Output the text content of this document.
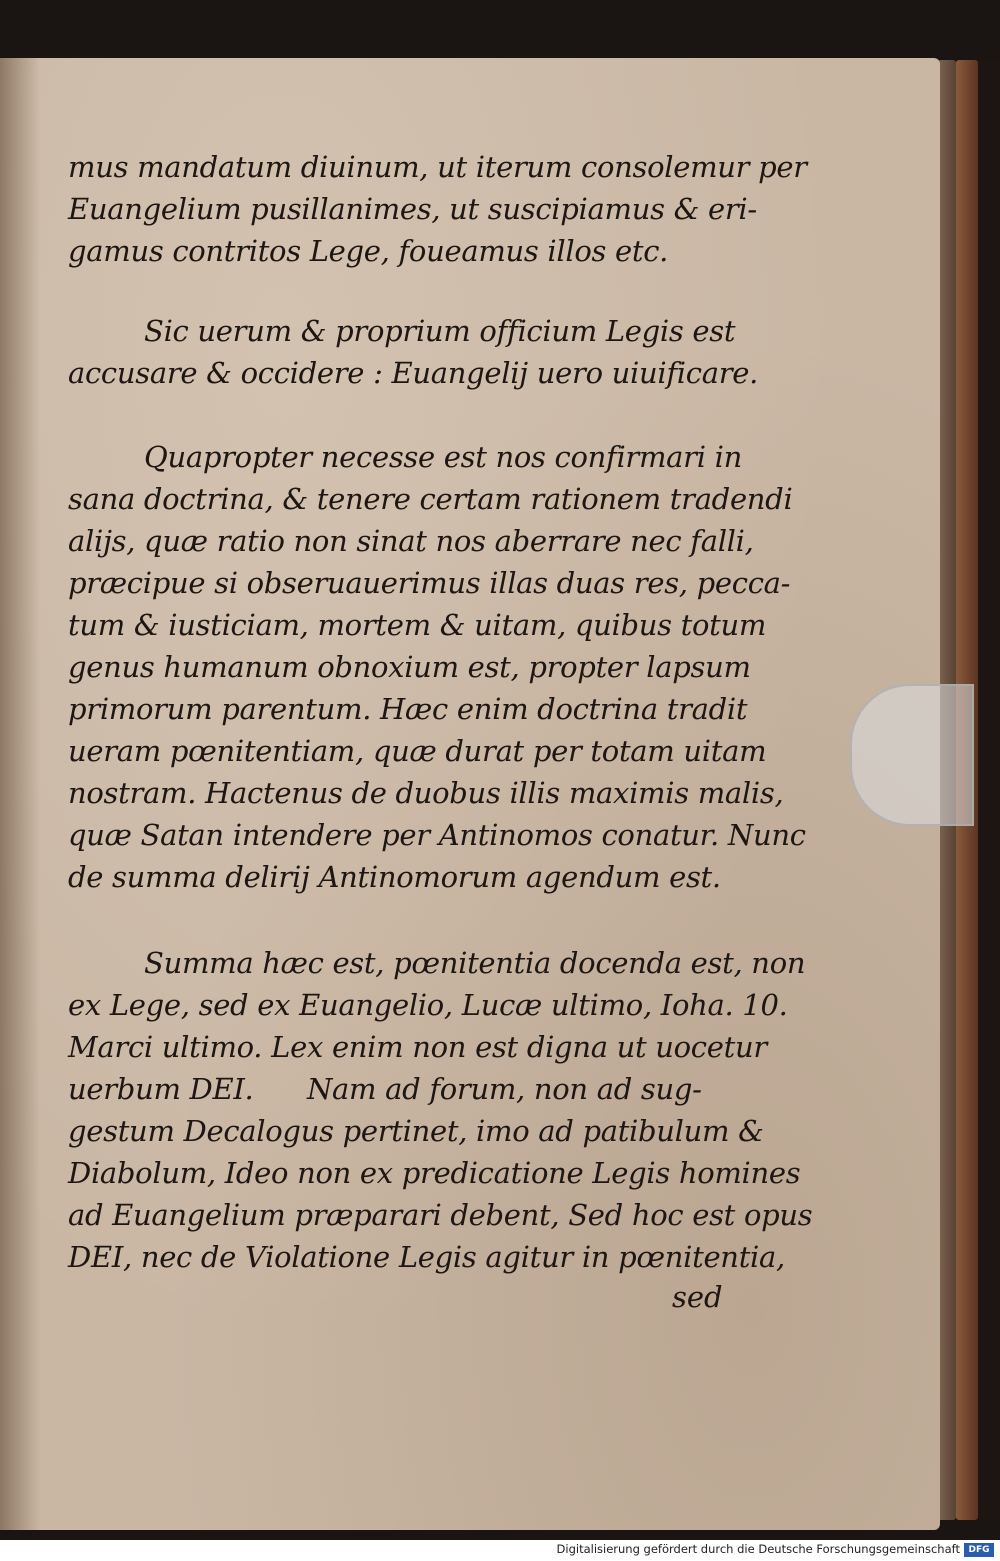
mus mandatum diuinum, ut iterum consolemur per
Euangelium pusillanimes, ut suscipiamus & eri-
gamus contritos Lege, foueamus illos etc.
Sic uerum & proprium officium Legis est
accusare & occidere : Euangelij uero uiuificare.
Quapropter necesse est nos confirmari in
sana doctrina, & tenere certam rationem tradendi
alijs, quæ ratio non sinat nos aberrare nec falli,
præcipue si obseruauerimus illas duas res, pecca-
tum & iusticiam, mortem & uitam, quibus totum
genus humanum obnoxium est, propter lapsum
primorum parentum. Hæc enim doctrina tradit
ueram pœnitentiam, quæ durat per totam uitam
nostram. Hactenus de duobus illis maximis malis,
quæ Satan intendere per Antinomos conatur. Nunc
de summa delirij Antinomorum agendum est.
Summa hæc est, pœnitentia docenda est, non
ex Lege, sed ex Euangelio, Lucæ ultimo, Ioha. 10.
Marci ultimo. Lex enim non est digna ut uocetur
uerbum DEI.      Nam ad forum, non ad sug-
gestum Decalogus pertinet, imo ad patibulum &
Diabolum, Ideo non ex predicatione Legis homines
ad Euangelium præparari debent, Sed hoc est opus
DEI, nec de Violatione Legis agitur in pœnitentia,
sed
Digitalisierung gefördert durch die Deutsche Forschungsgemeinschaft DFG
